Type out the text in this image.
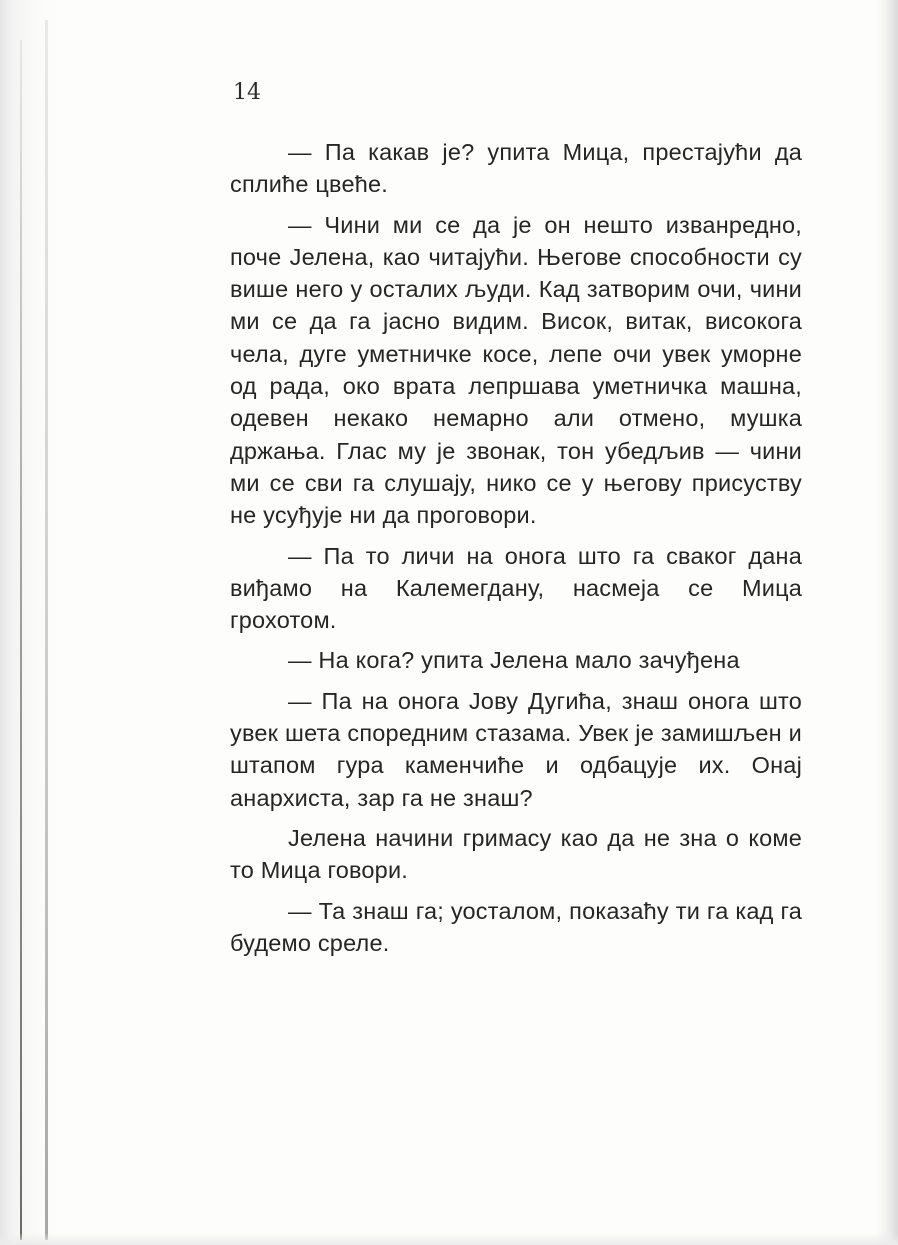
14

— Па какав је? упита Мица, престајући да сплиће цвеће.

— Чини ми се да је он нешто изванредно, поче Јелена, као читајући. Његове способности су више него у осталих људи. Кад затворим очи, чини ми се да га јасно видим. Висок, витак, високога чела, дуге уметничке косе, лепе очи увек уморне од рада, око врата лепршава уметничка машна, одевен некако немарно али отмено, мушка држања. Глас му је звонак, тон убедљив — чини ми се сви га слушају, нико се у његову присуству не усуђује ни да проговори.

— Па то личи на онога што га сваког дана виђамо на Калемегдану, насмеја се Мица грохотом.

— На кога? упита Јелена мало зачуђена

— Па на онога Јову Дугића, знаш онога што увек шета споредним стазама. Увек је замишљен и штапом гура каменчиће и одбацује их. Онај анархиста, зар га не знаш?

Јелена начини гримасу као да не зна о коме то Мица говори.

— Та знаш га; уосталом, показаћу ти га кад га будемо среле.
